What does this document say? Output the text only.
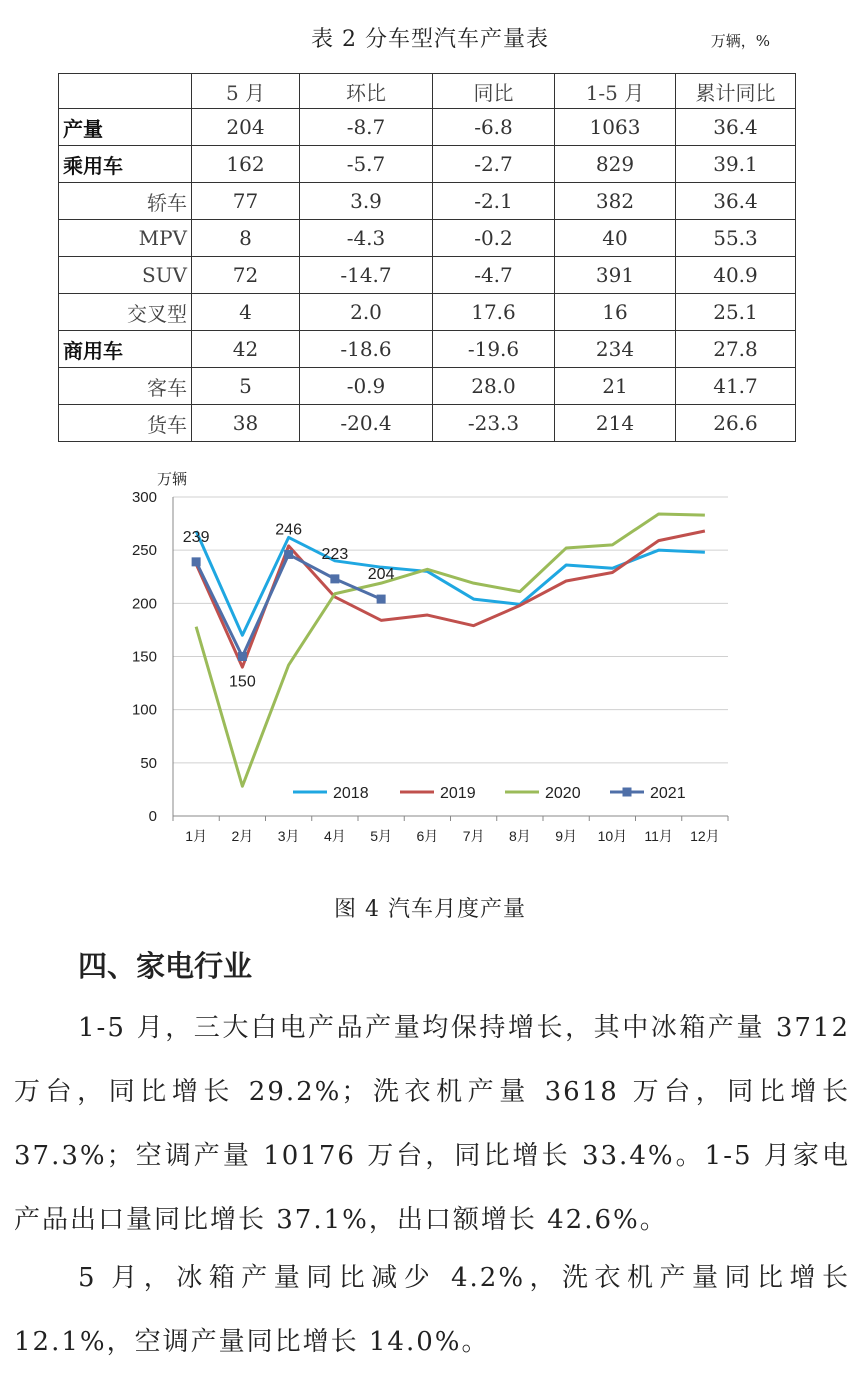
表 2 分车型汽车产量表	万辆，%
	5 月	环比	同比	1-5 月	累计同比
产量	204	-8.7	-6.8	1063	36.4
乘用车	162	-5.7	-2.7	829	39.1
轿车	77	3.9	-2.1	382	36.4
MPV	8	-4.3	-0.2	40	55.3
SUV	72	-14.7	-4.7	391	40.9
交叉型	4	2.0	17.6	16	25.1
商用车	42	-18.6	-19.6	234	27.8
客车	5	-0.9	28.0	21	41.7
货车	38	-20.4	-23.3	214	26.6
万辆
0
50
100
150
200
250
300
1月 2月 3月 4月 5月 6月 7月 8月 9月 10月 11月 12月
239
150
246
223
204
2018	2019	2020	2021
图 4 汽车月度产量
四、家电行业
1-5 月，三大白电产品产量均保持增长，其中冰箱产量 3712 万台，同比增长 29.2%；洗衣机产量 3618 万台，同比增长 37.3%；空调产量 10176 万台，同比增长 33.4%。1-5 月家电产品出口量同比增长 37.1%，出口额增长 42.6%。
5 月，冰箱产量同比减少 4.2%，洗衣机产量同比增长 12.1%，空调产量同比增长 14.0%。
